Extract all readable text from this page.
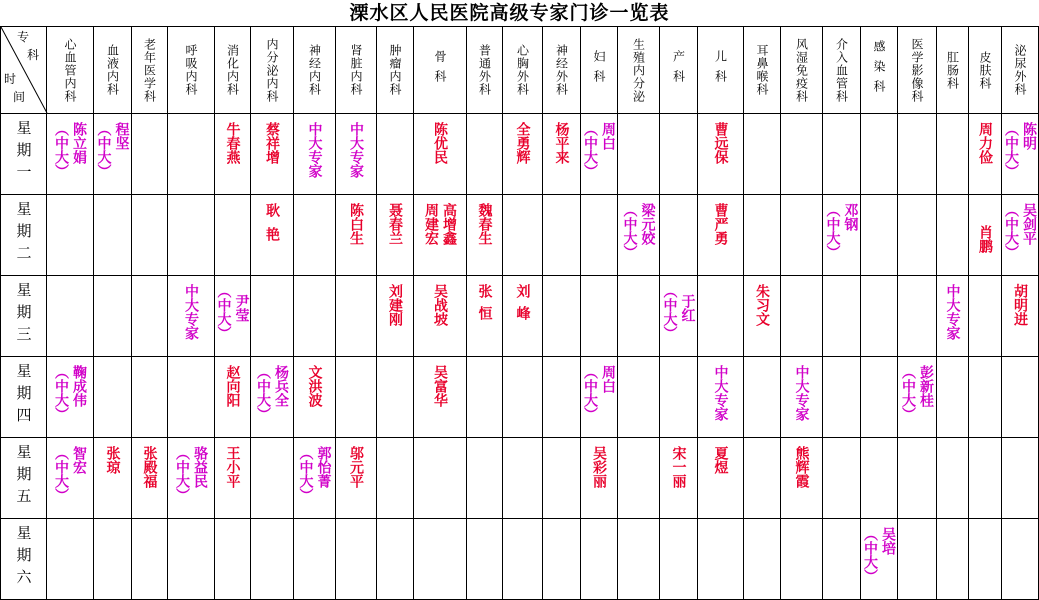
溧水区人民医院高级专家门诊一览表
专
科
时
间	心血管内科	血液内科	老年医学科	呼吸内科	消化内科	内分泌内科	神经内科	肾脏内科	肿瘤内科	骨科	普通外科	心胸外科	神经外科	妇科	生殖内分泌	产科	儿科	耳鼻喉科	风湿免疫科	介入血管科	感染科	医学影像科	肛肠科	皮肤科	泌尿外科

星期一	（中大） 陈立娟	（中大） 程坚			牛春燕	蔡祥增	中大专家	中大专家		陈优民		全勇辉	杨平来	（中大） 周白			曹远保							周力俭	（中大） 陈明

星期二						耿艳		陈白生	聂春兰	周建宏 高增鑫	魏春生				（中大） 梁元姣		曹严勇			（中大） 邓钢				肖鹏	（中大） 吴剑平

星期三				中大专家	（中大） 尹莹				刘建刚	吴战坡	张恒	刘峰				（中大） 于红		朱习文					中大专家		胡明进

星期四	（中大） 鞠成伟				赵向阳	（中大） 杨兵全	文洪波			吴富华				（中大） 周白			中大专家		中大专家			（中大） 彭新桂			

星期五	（中大） 智宏	张琼	张殿福	（中大） 骆益民	王小平		（中大） 郭怡菁	邬元平						吴彩丽		宋一丽	夏煜		熊辉霞						

星期六																					（中大） 吴培				
